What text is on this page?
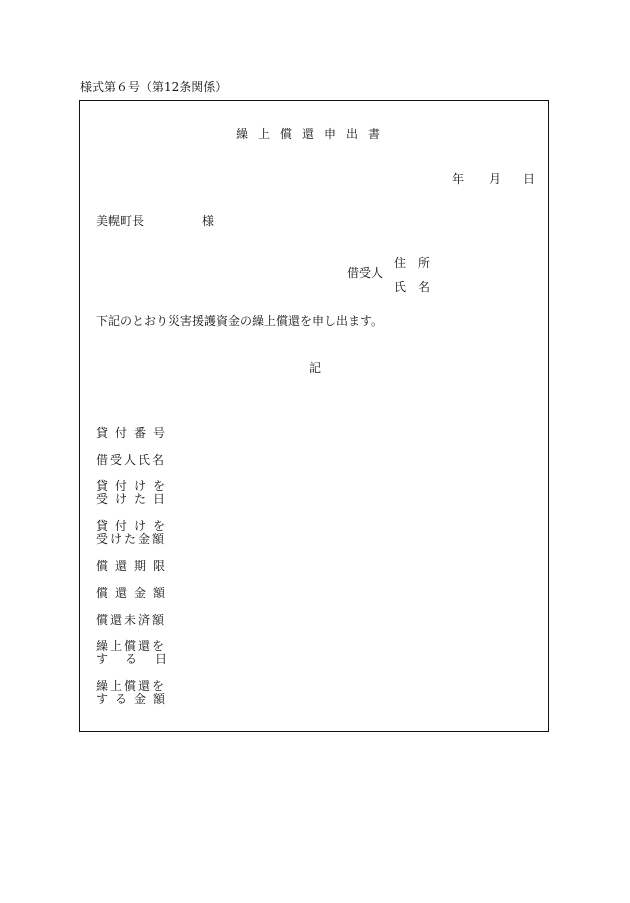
様式第６号（第12条関係）
繰上償還申出書
年 月 日
美幌町長	様
借受人
住所
氏名
下記のとおり災害援護資金の繰上償還を申し出ます。
記
貸付番号
借受人氏名
貸付けを
受けた日
貸付けを
受けた金額
償還期限
償還金額
償還未済額
繰上償還を
す る 日
繰上償還を
する金額
